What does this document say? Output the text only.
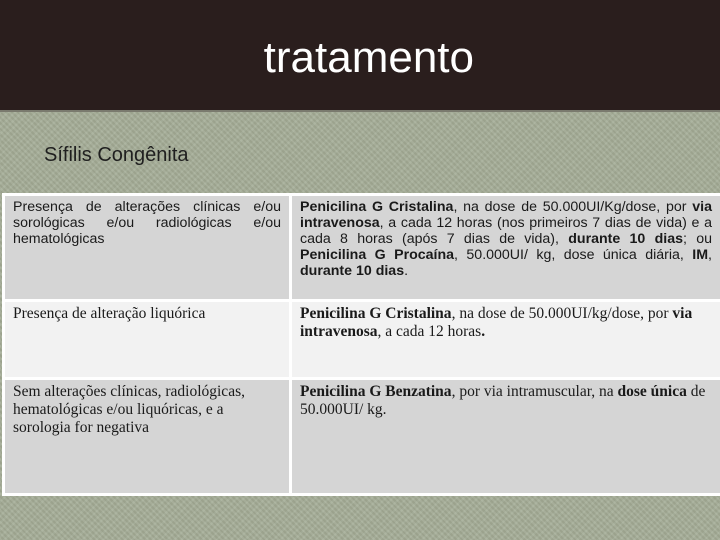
tratamento
Sífilis Congênita
Presença de alterações clínicas e/ou sorológicas e/ou radiológicas e/ou hematológicas	Penicilina G Cristalina, na dose de 50.000UI/Kg/dose, por via intravenosa, a cada 12 horas (nos primeiros 7 dias de vida) e a cada 8 horas (após 7 dias de vida), durante 10 dias; ou Penicilina G Procaína, 50.000UI/ kg, dose única diária, IM, durante 10 dias.
Presença de alteração liquórica	Penicilina G Cristalina, na dose de 50.000UI/kg/dose, por via intravenosa, a cada 12 horas.
Sem alterações clínicas, radiológicas, hematológicas e/ou liquóricas, e a sorologia for negativa	Penicilina G Benzatina, por via intramuscular, na dose única de 50.000UI/ kg.
